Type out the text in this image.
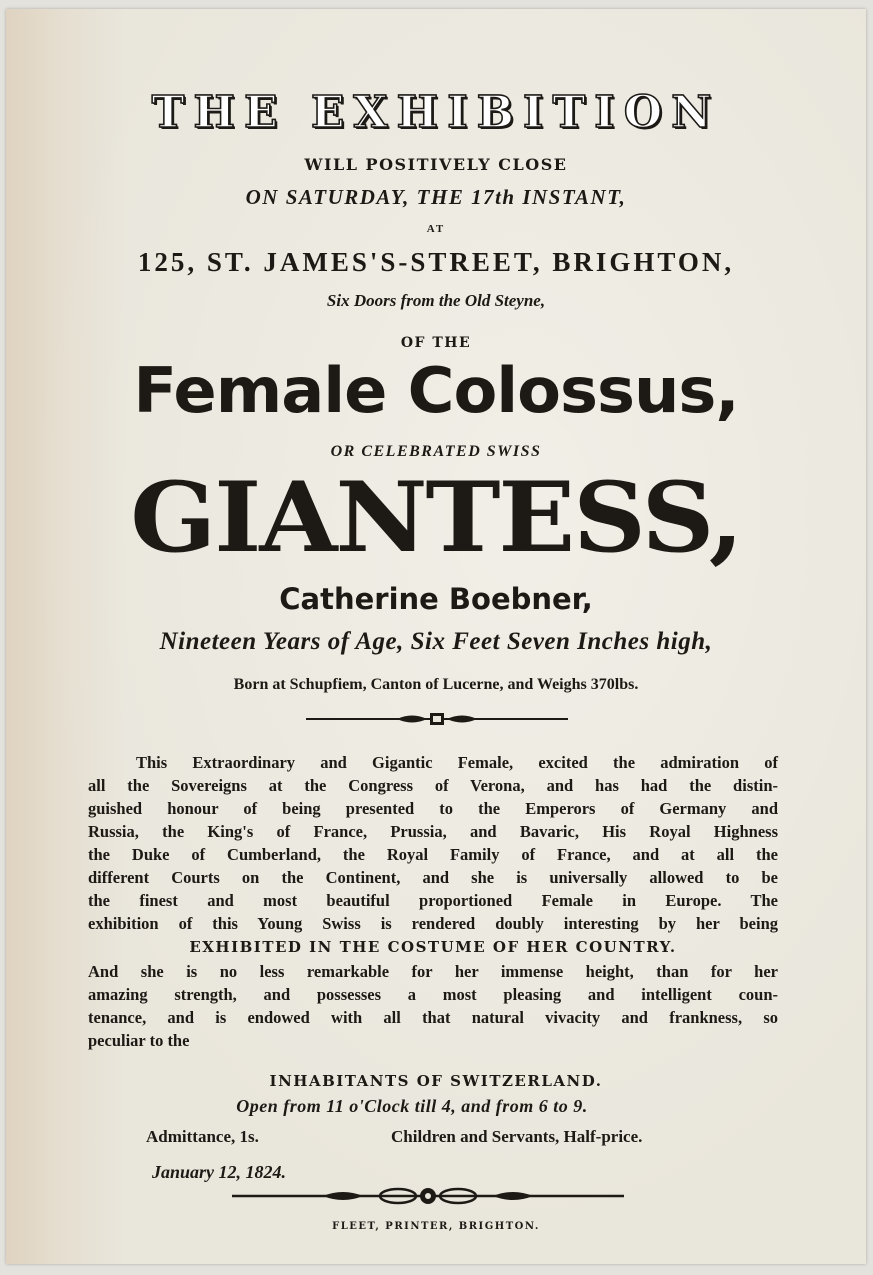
THE EXHIBITION
WILL POSITIVELY CLOSE
ON SATURDAY, THE 17th INSTANT,
AT
125, ST. JAMES'S-STREET, BRIGHTON,
Six Doors from the Old Steyne,
OF THE
Female Colossus,
OR CELEBRATED SWISS
GIANTESS,
Catherine Boebner,
Nineteen Years of Age, Six Feet Seven Inches high,
Born at Schupfiem, Canton of Lucerne, and Weighs 370lbs.
This Extraordinary and Gigantic Female, excited the admiration of
all the Sovereigns at the Congress of Verona, and has had the distin-
guished honour of being presented to the Emperors of Germany and
Russia, the King's of France, Prussia, and Bavaric, His Royal Highness
the Duke of Cumberland, the Royal Family of France, and at all the
different Courts on the Continent, and she is universally allowed to be
the finest and most beautiful proportioned Female in Europe. The
exhibition of this Young Swiss is rendered doubly interesting by her being
EXHIBITED IN THE COSTUME OF HER COUNTRY.
And she is no less remarkable for her immense height, than for her
amazing strength, and possesses a most pleasing and intelligent coun-
tenance, and is endowed with all that natural vivacity and frankness, so
peculiar to the
INHABITANTS OF SWITZERLAND.
Open from 11 o'Clock till 4, and from 6 to 9.
Admittance, 1s.	Children and Servants, Half-price.
January 12, 1824.
FLEET, PRINTER, BRIGHTON.
